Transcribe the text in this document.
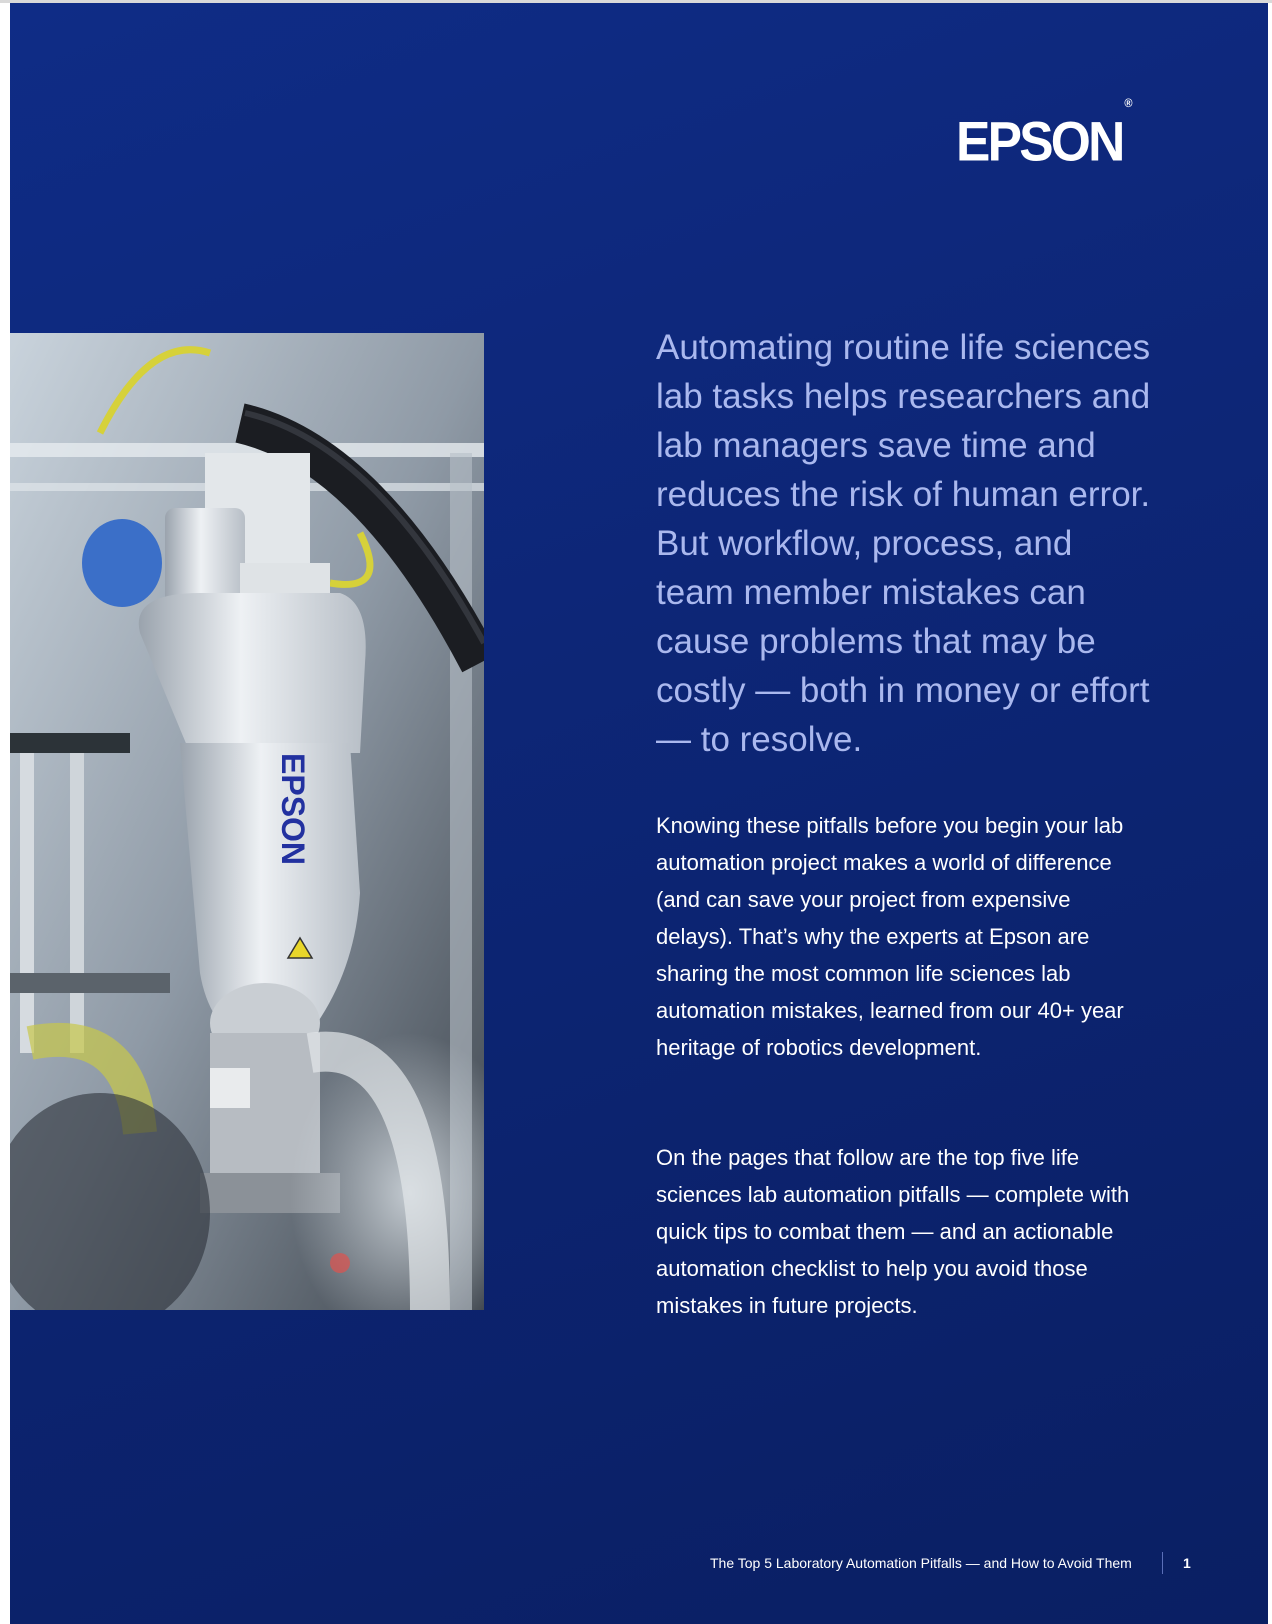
EPSON®
EPSON
Automating routine life sciences lab tasks helps researchers and lab managers save time and reduces the risk of human error. But workflow, process, and team member mistakes can cause problems that may be costly — both in money or effort — to resolve.

Knowing these pitfalls before you begin your lab automation project makes a world of difference (and can save your project from expensive delays). That’s why the experts at Epson are sharing the most common life sciences lab automation mistakes, learned from our 40+ year heritage of robotics development.

On the pages that follow are the top five life sciences lab automation pitfalls — complete with quick tips to combat them — and an actionable automation checklist to help you avoid those mistakes in future projects.

The Top 5 Laboratory Automation Pitfalls — and How to Avoid Them	1
